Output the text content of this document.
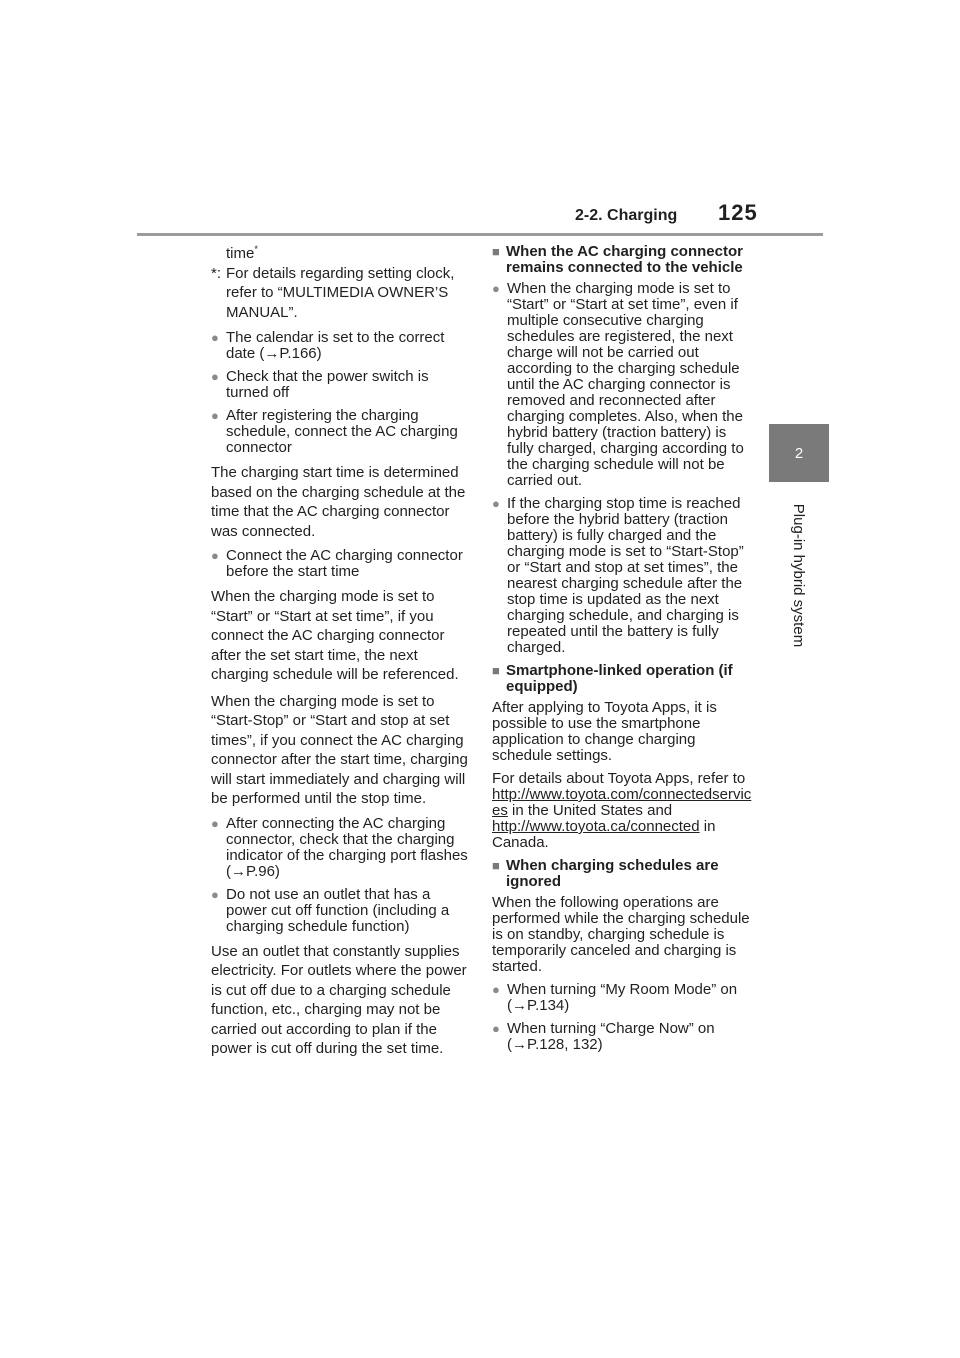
2-2. Charging 125
2
Plug-in hybrid system
time*
*: For details regarding setting clock, refer to “MULTIMEDIA OWNER’S MANUAL”.
● The calendar is set to the correct date (→P.166)
● Check that the power switch is turned off
● After registering the charging schedule, connect the AC charging connector

The charging start time is determined based on the charging schedule at the time that the AC charging connector was connected.

● Connect the AC charging connector before the start time

When the charging mode is set to “Start” or “Start at set time”, if you connect the AC charging connector after the set start time, the next charging schedule will be referenced.

When the charging mode is set to “Start-Stop” or “Start and stop at set times”, if you connect the AC charging connector after the start time, charging will start immediately and charging will be performed until the stop time.

● After connecting the AC charging connector, check that the charging indicator of the charging port flashes (→P.96)
● Do not use an outlet that has a power cut off function (including a charging schedule function)

Use an outlet that constantly supplies electricity. For outlets where the power is cut off due to a charging schedule function, etc., charging may not be carried out according to plan if the power is cut off during the set time.

■ When the AC charging connector remains connected to the vehicle
● When the charging mode is set to “Start” or “Start at set time”, even if multiple consecutive charging schedules are registered, the next charge will not be carried out according to the charging schedule until the AC charging connector is removed and reconnected after charging completes. Also, when the hybrid battery (traction battery) is fully charged, charging according to the charging schedule will not be carried out.
● If the charging stop time is reached before the hybrid battery (traction battery) is fully charged and the charging mode is set to “Start-Stop” or “Start and stop at set times”, the nearest charging schedule after the stop time is updated as the next charging schedule, and charging is repeated until the battery is fully charged.
■ Smartphone-linked operation (if equipped)

After applying to Toyota Apps, it is possible to use the smartphone application to change charging schedule settings.

For details about Toyota Apps, refer to http://www.toyota.com/connectedservices in the United States and http://www.toyota.ca/connected in Canada.

■ When charging schedules are ignored

When the following operations are performed while the charging schedule is on standby, charging schedule is temporarily canceled and charging is started.

● When turning “My Room Mode” on (→P.134)
● When turning “Charge Now” on (→P.128, 132)
